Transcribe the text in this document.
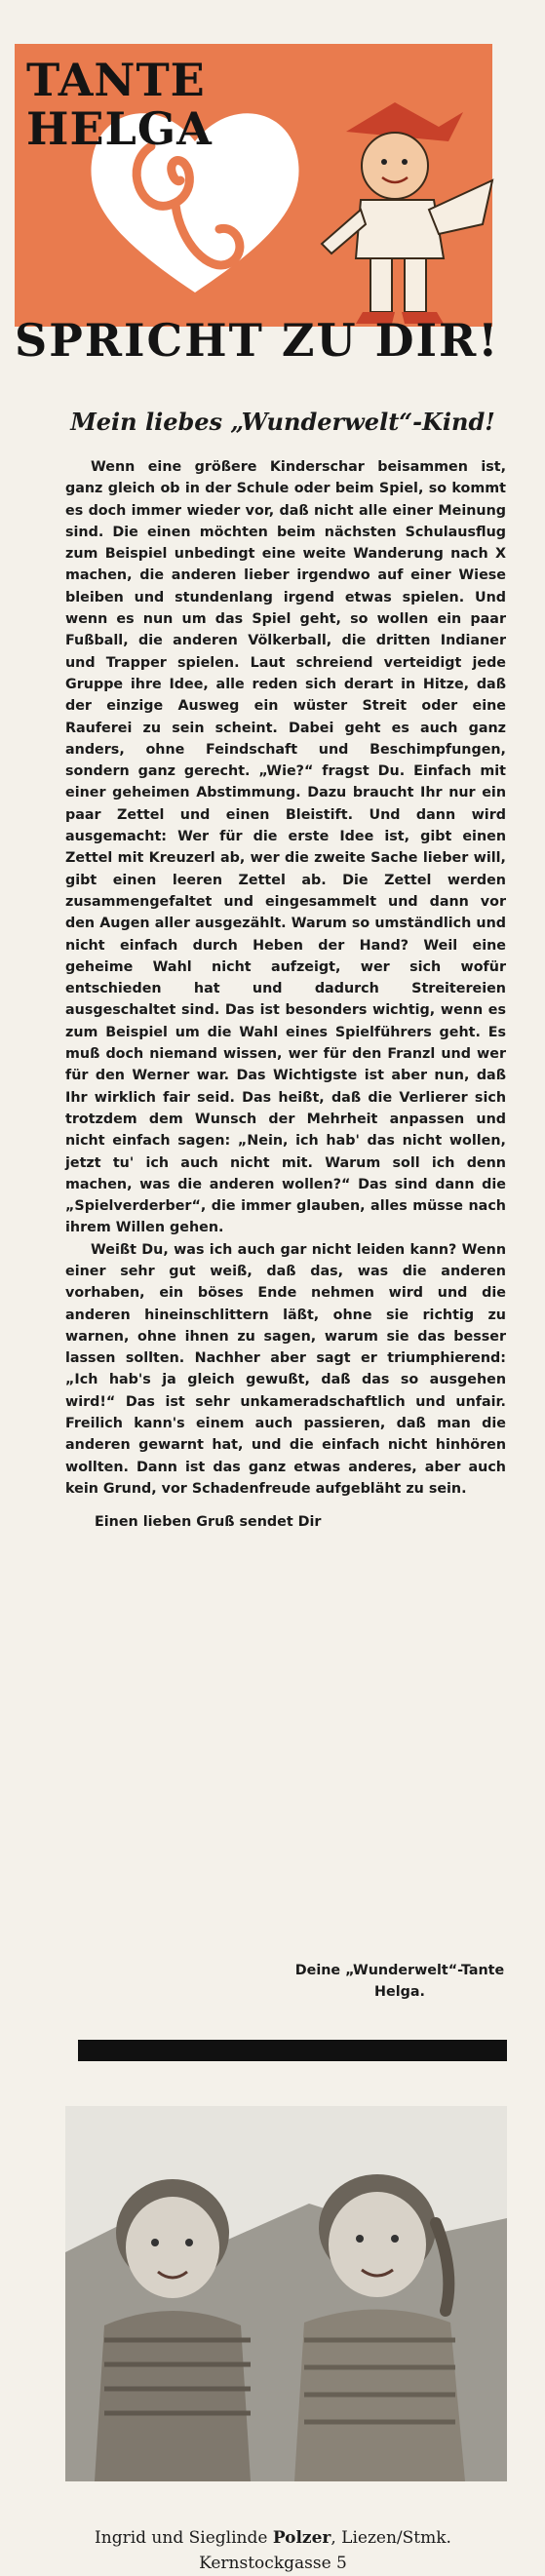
TANTE
HELGA
SPRICHT ZU DIR!
Mein liebes „Wunderwelt“-Kind!

Wenn eine größere Kinderschar beisammen ist, ganz gleich ob in der Schule oder beim Spiel, so kommt es doch immer wieder vor, daß nicht alle einer Meinung sind. Die einen möchten beim nächsten Schulausflug zum Beispiel unbedingt eine weite Wanderung nach X machen, die anderen lieber irgendwo auf einer Wiese bleiben und stundenlang irgend etwas spielen. Und wenn es nun um das Spiel geht, so wollen ein paar Fußball, die anderen Völkerball, die dritten Indianer und Trapper spielen. Laut schreiend verteidigt jede Gruppe ihre Idee, alle reden sich derart in Hitze, daß der einzige Ausweg ein wüster Streit oder eine Rauferei zu sein scheint. Dabei geht es auch ganz anders, ohne Feindschaft und Beschimpfungen, sondern ganz gerecht. „Wie?“ fragst Du. Einfach mit einer geheimen Abstimmung. Dazu braucht Ihr nur ein paar Zettel und einen Bleistift. Und dann wird ausgemacht: Wer für die erste Idee ist, gibt einen Zettel mit Kreuzerl ab, wer die zweite Sache lieber will, gibt einen leeren Zettel ab. Die Zettel werden zusammengefaltet und eingesammelt und dann vor den Augen aller ausgezählt. Warum so umständlich und nicht einfach durch Heben der Hand? Weil eine geheime Wahl nicht aufzeigt, wer sich wofür entschieden hat und dadurch Streitereien ausgeschaltet sind. Das ist besonders wichtig, wenn es zum Beispiel um die Wahl eines Spielführers geht. Es muß doch niemand wissen, wer für den Franzl und wer für den Werner war. Das Wichtigste ist aber nun, daß Ihr wirklich fair seid. Das heißt, daß die Verlierer sich trotzdem dem Wunsch der Mehrheit anpassen und nicht einfach sagen: „Nein, ich hab' das nicht wollen, jetzt tu' ich auch nicht mit. Warum soll ich denn machen, was die anderen wollen?“ Das sind dann die „Spielverderber“, die immer glauben, alles müsse nach ihrem Willen gehen.

Weißt Du, was ich auch gar nicht leiden kann? Wenn einer sehr gut weiß, daß das, was die anderen vorhaben, ein böses Ende nehmen wird und die anderen hineinschlittern läßt, ohne sie richtig zu warnen, ohne ihnen zu sagen, warum sie das besser lassen sollten. Nachher aber sagt er triumphierend: „Ich hab's ja gleich gewußt, daß das so ausgehen wird!“ Das ist sehr unkameradschaftlich und unfair. Freilich kann's einem auch passieren, daß man die anderen gewarnt hat, und die einfach nicht hinhören wollten. Dann ist das ganz etwas anderes, aber auch kein Grund, vor Schadenfreude aufgebläht zu sein.

Einen lieben Gruß sendet Dir

Deine „Wunderwelt“-Tante
Helga.
Ingrid und Sieglinde Polzer, Liezen/Stmk.
Kernstockgasse 5
